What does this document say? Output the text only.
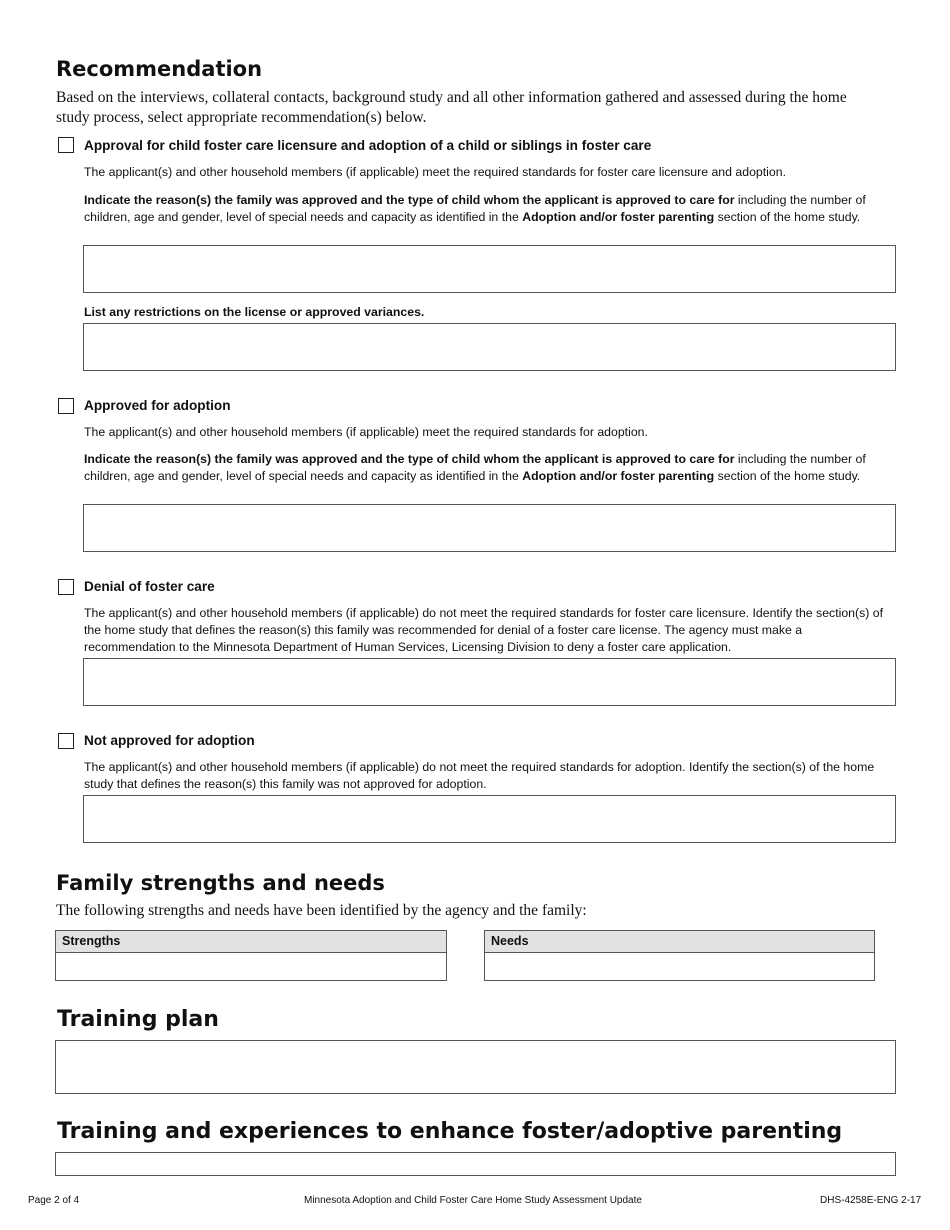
Recommendation
Based on the interviews, collateral contacts, background study and all other information gathered and assessed during the home study process, select appropriate recommendation(s) below.
Approval for child foster care licensure and adoption of a child or siblings in foster care
The applicant(s) and other household members (if applicable) meet the required standards for foster care licensure and adoption.
Indicate the reason(s) the family was approved and the type of child whom the applicant is approved to care for including the number of children, age and gender, level of special needs and capacity as identified in the Adoption and/or foster parenting section of the home study.
List any restrictions on the license or approved variances.
Approved for adoption
The applicant(s) and other household members (if applicable) meet the required standards for adoption.
Indicate the reason(s) the family was approved and the type of child whom the applicant is approved to care for including the number of children, age and gender, level of special needs and capacity as identified in the Adoption and/or foster parenting section of the home study.
Denial of foster care
The applicant(s) and other household members (if applicable) do not meet the required standards for foster care licensure. Identify the section(s) of the home study that defines the reason(s) this family was recommended for denial of a foster care license. The agency must make a recommendation to the Minnesota Department of Human Services, Licensing Division to deny a foster care application.
Not approved for adoption
The applicant(s) and other household members (if applicable) do not meet the required standards for adoption. Identify the section(s) of the home study that defines the reason(s) this family was not approved for adoption.
Family strengths and needs
The following strengths and needs have been identified by the agency and the family:
Strengths	Needs
Training plan
Training and experiences to enhance foster/adoptive parenting
Page 2 of 4	Minnesota Adoption and Child Foster Care Home Study Assessment Update	DHS-4258E-ENG 2-17
